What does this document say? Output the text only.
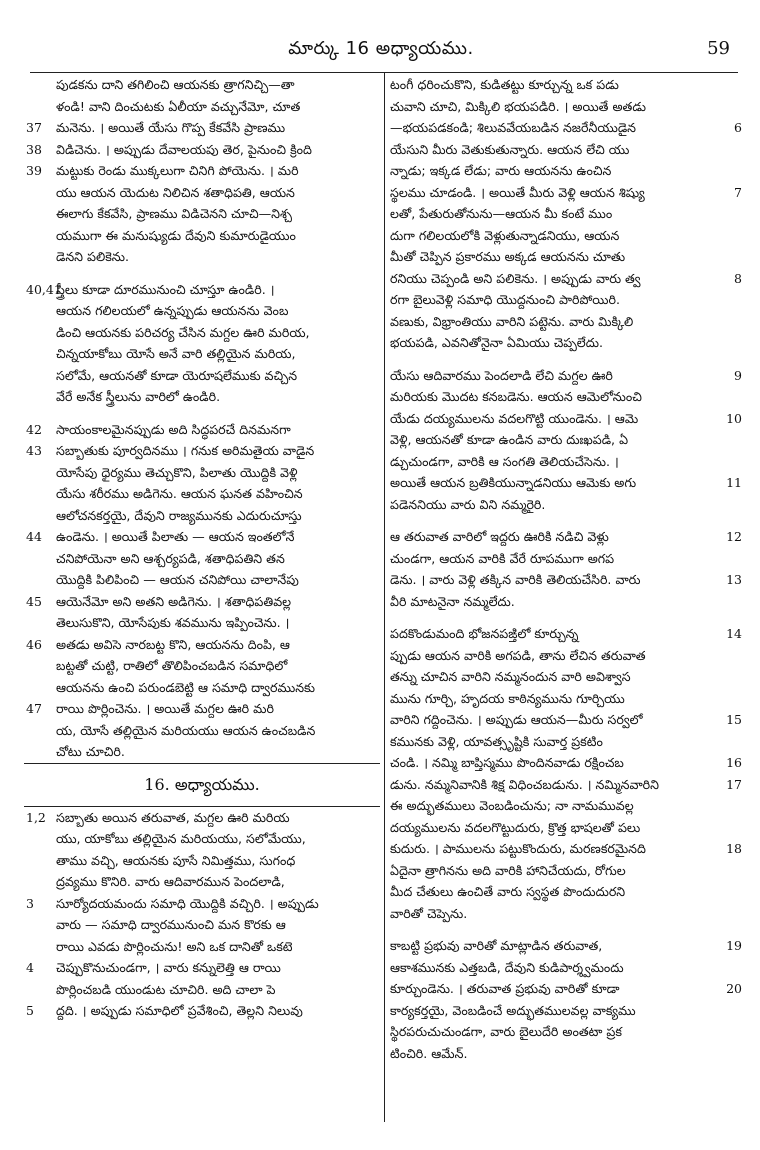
మార్కు 16 అధ్యాయము.	59
పుడకను దాని తగిలించి ఆయనకు త్రాగనిచ్చి—తా
ళండి! వాని దించుటకు ఏలీయా వచ్చునేమో, చూత
37 మనెను. । అయితే యేసు గొప్ప కేకవేసి ప్రాణము
38 విడిచెను. । అప్పుడు దేవాలయపు తెర, పైనుంచి క్రింది
39 మట్టుకు రెండు ముక్కలుగా చినిగి పోయెను. । మరి
యు ఆయన యెదుట నిలిచిన శతాధిపతి, ఆయన
ఈలాగు కేకవేసి, ప్రాణము విడిచెనని చూచి—నిశ్చ
యముగా ఈ మనుష్యుడు దేవుని కుమారుడైయుం
డెనని పలికెను.
40,41
స్త్రీలు కూడా దూరమునుంచి చూస్తూ ఉండిరి. ।
ఆయన గలిలయలో ఉన్నప్పుడు ఆయనను వెంబ
డించి ఆయనకు పరిచర్య చేసిన మగ్దల ఊరి మరియ,
చిన్నయాకోబు యోసే అనే వారి తల్లియైన మరియ,
సలోమే, ఆయనతో కూడా యెరూషలేముకు వచ్చిన
వేరే అనేక స్త్రీలును వారిలో ఉండిరి.
42 సాయంకాలమైనప్పుడు అది సిద్ధపరచే దినమనగా
43 సబ్బాతుకు పూర్వదినము । గనుక అరిమతైయ వాడైన
యోసేపు ధైర్యము తెచ్చుకొని, పిలాతు యొద్దికి వెళ్లి
యేసు శరీరము అడిగెను. ఆయన ఘనత వహించిన
ఆలోచనకర్తయై, దేవుని రాజ్యమునకు ఎదురుచూస్తు
44 ఉండెను. । అయితే పిలాతు — ఆయన ఇంతలోనే
చనిపోయెనా అని ఆశ్చర్యపడి, శతాధిపతిని తన
యొద్దికి పిలిపించి — ఆయన చనిపోయి చాలానేపు
45 ఆయెనేమో అని అతని అడిగెను. । శతాధిపతివల్ల
తెలుసుకొని, యోసేపుకు శవమును ఇప్పించెను. ।
46 అతడు అవిసె నారబట్ట కొని, ఆయనను దింపి, ఆ
బట్టతో చుట్టి, రాతిలో తొలిపించబడిన సమాధిలో
ఆయనను ఉంచి పరుండబెట్టి ఆ సమాధి ద్వారమునకు
47 రాయి పొర్లించెను. । అయితే మగ్దల ఊరి మరి
య, యోసే తల్లియైన మరియయు ఆయన ఉంచబడిన
చోటు చూచిరి.
16. అధ్యాయము.
1,2 సబ్బాతు అయిన తరువాత, మగ్దల ఊరి మరియ
యు, యాకోబు తల్లియైన మరియయు, సలోమేయు,
తాము వచ్చి, ఆయనకు పూసే నిమిత్తము, సుగంధ
ద్రవ్యము కొనిరి. వారు ఆదివారమున పెందలాడి,
3 సూర్యోదయమందు సమాధి యొద్దికి వచ్చిరి. । అప్పుడు
వారు — సమాధి ద్వారమునుంచి మన కొరకు ఆ
రాయి ఎవడు పొర్లించును! అని ఒక దానితో ఒకటె
4 చెప్పుకొనుచుండగా, । వారు కన్నులెత్తి ఆ రాయి
పొర్లించబడి యుండుట చూచిరి. అది చాలా పె
5 ద్దది. । అప్పుడు సమాధిలో ప్రవేశించి, తెల్లని నిలువు
టంగీ ధరించుకొని, కుడితట్టు కూర్చున్న ఒక పడు
చువాని చూచి, మిక్కిలి భయపడిరి. । అయితే అతడు
6
—భయపడకండి; శిలువవేయబడిన నజరేనీయుడైన
యేసుని మీరు వెతుకుతున్నారు. ఆయన లేచి యు
న్నాడు; ఇక్కడ లేడు; వారు ఆయనను ఉంచిన
7
స్థలము చూడండి. । అయితే మీరు వెళ్లి ఆయన శిష్యు
లతో, పేతురుతోనును—ఆయన మీ కంటే ముం
దుగా గలిలయలోకి వెళ్లుతున్నాడనియు, ఆయన
మీతో చెప్పిన ప్రకారము అక్కడ ఆయనను చూతు
8
రనియు చెప్పండి అని పలికెను. । అప్పుడు వారు త్వ
రగా బైలువెళ్లి సమాధి యొద్దనుంచి పారిపోయిరి.
వణుకు, విభ్రాంతియు వారిని పట్టెను. వారు మిక్కిలి
భయపడి, ఎవనితోనైనా ఏమియు చెప్పలేదు.
9
యేసు ఆదివారము పెందలాడి లేచి మగ్దల ఊరి
మరియకు మొదట కనబడెను. ఆయన ఆమెలోనుంచి
10
యేడు దయ్యములను వదలగొట్టి యుండెను. । ఆమె
వెళ్లి, ఆయనతో కూడా ఉండిన వారు దుఃఖపడి, ఏ
డ్చుచుండగా, వారికి ఆ సంగతి తెలియచేసెను. ।
11
అయితే ఆయన బ్రతికియున్నాడనియు ఆమెకు అగు
పడెననియు వారు విని నమ్మరైరి.
12
ఆ తరువాత వారిలో ఇద్దరు ఊరికి నడిచి వెళ్లు
చుండగా, ఆయన వారికి వేరే రూపముగా అగప
13
డెను. । వారు వెళ్లి తక్కిన వారికి తెలియచేసిరి. వారు
వీరి మాటనైనా నమ్మలేదు.
14
పదకొండుమంది భోజనపఙ్తిలో కూర్చున్న
ప్పుడు ఆయన వారికి అగపడి, తాను లేచిన తరువాత
తన్ను చూచిన వారిని నమ్మనందున వారి అవిశ్వాస
మును గూర్చి, హృదయ కాఠిన్యమును గూర్చియు
15
వారిని గద్దించెను. । అప్పుడు ఆయన—మీరు సర్వలో
కమునకు వెళ్లి, యావత్సృష్టికి సువార్త ప్రకటిం
16
చండి. । నమ్మి బాప్తిస్మము పొందినవాడు రక్షించబ
17
డును. నమ్మనివానికి శిక్ష విధించబడును. । నమ్మినవారిని
ఈ అద్భుతములు వెంబడించును; నా నామమువల్ల
దయ్యములను వదలగొట్టుదురు, క్రొత్త భాషలతో పలు
18
కుదురు. । పాములను పట్టుకొందురు, మరణకరమైనది
ఏదైనా త్రాగినను అది వారికి హానిచేయదు, రోగుల
మీద చేతులు ఉంచితే వారు స్వస్థత పొందుదురని
వారితో చెప్పెను.
19
కాబట్టి ప్రభువు వారితో మాట్లాడిన తరువాత,
ఆకాశమునకు ఎత్తబడి, దేవుని కుడిపార్శ్వమందు
20
కూర్చుండెను. । తరువాత ప్రభువు వారితో కూడా
కార్యకర్తయై, వెంబడించే అద్భుతములవల్ల వాక్యము
స్థిరపరుచుచుండగా, వారు బైలుదేరి అంతటా ప్రక
టించిరి. ఆమేన్.
